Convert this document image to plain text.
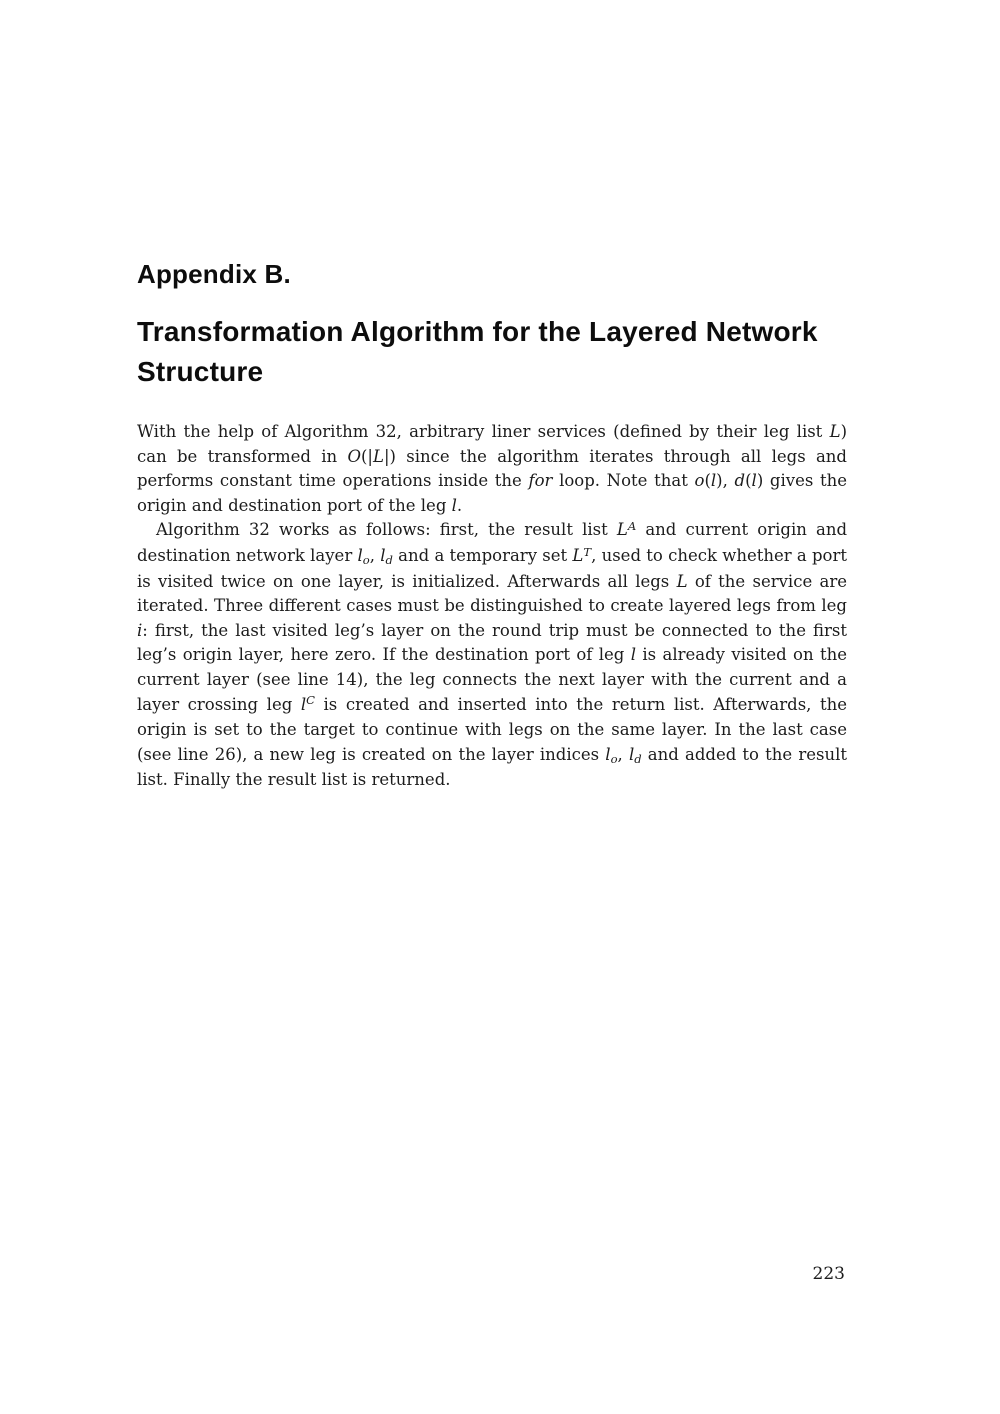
Appendix B.
Transformation Algorithm for the Layered Network
Structure

With the help of Algorithm 32, arbitrary liner services (defined by their leg list L) can be transformed in O(|L|) since the algorithm iterates through all legs and performs constant time operations inside the for loop. Note that o(l), d(l) gives the origin and destination port of the leg l.

Algorithm 32 works as follows: first, the result list $L^A$ and current origin and destination network layer lo, ld and a temporary set $L^T$, used to check whether a port is visited twice on one layer, is initialized. Afterwards all legs L of the service are iterated. Three different cases must be distinguished to create layered legs from leg i: first, the last visited leg’s layer on the round trip must be connected to the first leg’s origin layer, here zero. If the destination port of leg l is already visited on the current layer (see line 14), the leg connects the next layer with the current and a layer crossing leg $l^C$ is created and inserted into the return list. Afterwards, the origin is set to the target to continue with legs on the same layer. In the last case (see line 26), a new leg is created on the layer indices lo, ld and added to the result list. Finally the result list is returned.

223
